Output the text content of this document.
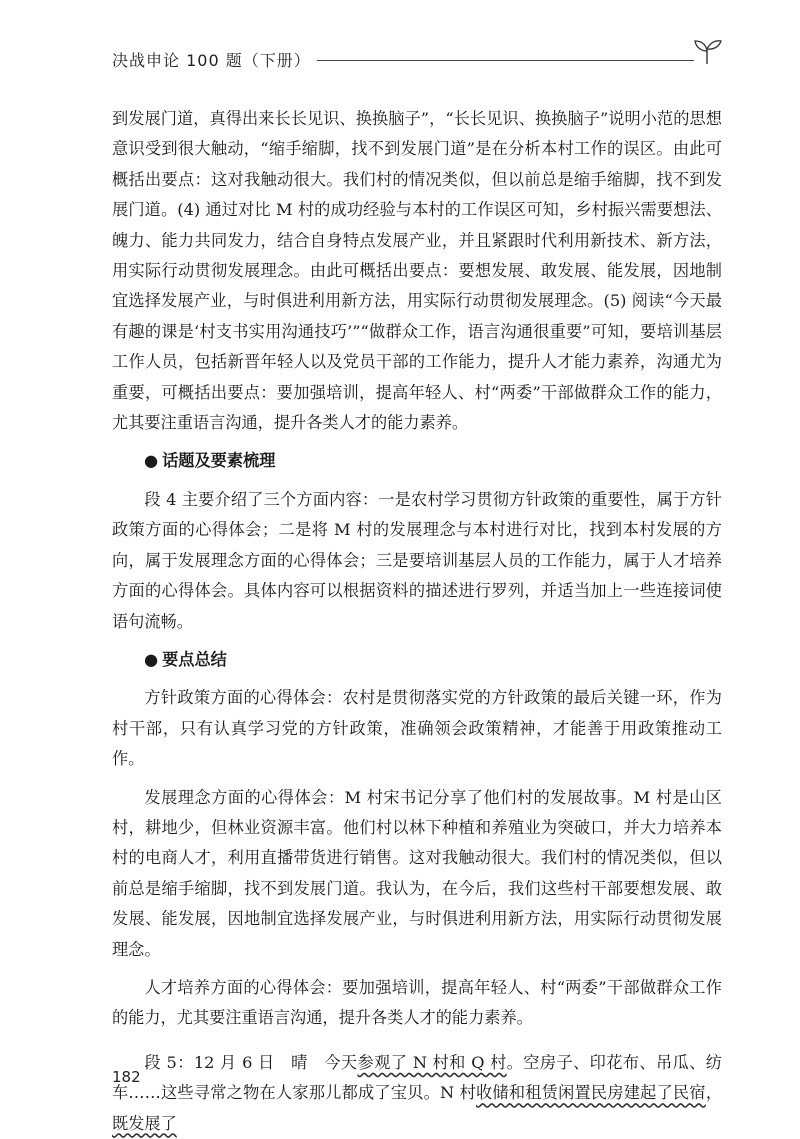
决战申论 100 题（下册）

到发展门道，真得出来长长见识、换换脑子”，“长长见识、换换脑子”说明小范的思想意识受到很大触动，“缩手缩脚，找不到发展门道”是在分析本村工作的误区。由此可概括出要点：这对我触动很大。我们村的情况类似，但以前总是缩手缩脚，找不到发展门道。(4) 通过对比 M 村的成功经验与本村的工作误区可知，乡村振兴需要想法、魄力、能力共同发力，结合自身特点发展产业，并且紧跟时代利用新技术、新方法，用实际行动贯彻发展理念。由此可概括出要点：要想发展、敢发展、能发展，因地制宜选择发展产业，与时俱进利用新方法，用实际行动贯彻发展理念。(5) 阅读“今天最有趣的课是‘村支书实用沟通技巧’”“做群众工作，语言沟通很重要”可知，要培训基层工作人员，包括新晋年轻人以及党员干部的工作能力，提升人才能力素养，沟通尤为重要，可概括出要点：要加强培训，提高年轻人、村“两委”干部做群众工作的能力，尤其要注重语言沟通，提升各类人才的能力素养。

● 话题及要素梳理

段 4 主要介绍了三个方面内容：一是农村学习贯彻方针政策的重要性，属于方针政策方面的心得体会；二是将 M 村的发展理念与本村进行对比，找到本村发展的方向，属于发展理念方面的心得体会；三是要培训基层人员的工作能力，属于人才培养方面的心得体会。具体内容可以根据资料的描述进行罗列，并适当加上一些连接词使语句流畅。

● 要点总结

方针政策方面的心得体会：农村是贯彻落实党的方针政策的最后关键一环，作为村干部，只有认真学习党的方针政策，准确领会政策精神，才能善于用政策推动工作。

发展理念方面的心得体会：M 村宋书记分享了他们村的发展故事。M 村是山区村，耕地少，但林业资源丰富。他们村以林下种植和养殖业为突破口，并大力培养本村的电商人才，利用直播带货进行销售。这对我触动很大。我们村的情况类似，但以前总是缩手缩脚，找不到发展门道。我认为，在今后，我们这些村干部要想发展、敢发展、能发展，因地制宜选择发展产业，与时俱进利用新方法，用实际行动贯彻发展理念。

人才培养方面的心得体会：要加强培训，提高年轻人、村“两委”干部做群众工作的能力，尤其要注重语言沟通，提升各类人才的能力素养。

段 5：12 月 6 日　晴　今天参观了 N 村和 Q 村。空房子、印花布、吊瓜、纺车……这些寻常之物在人家那儿都成了宝贝。N 村收储和租赁闲置民房建起了民宿，既发展了

182
